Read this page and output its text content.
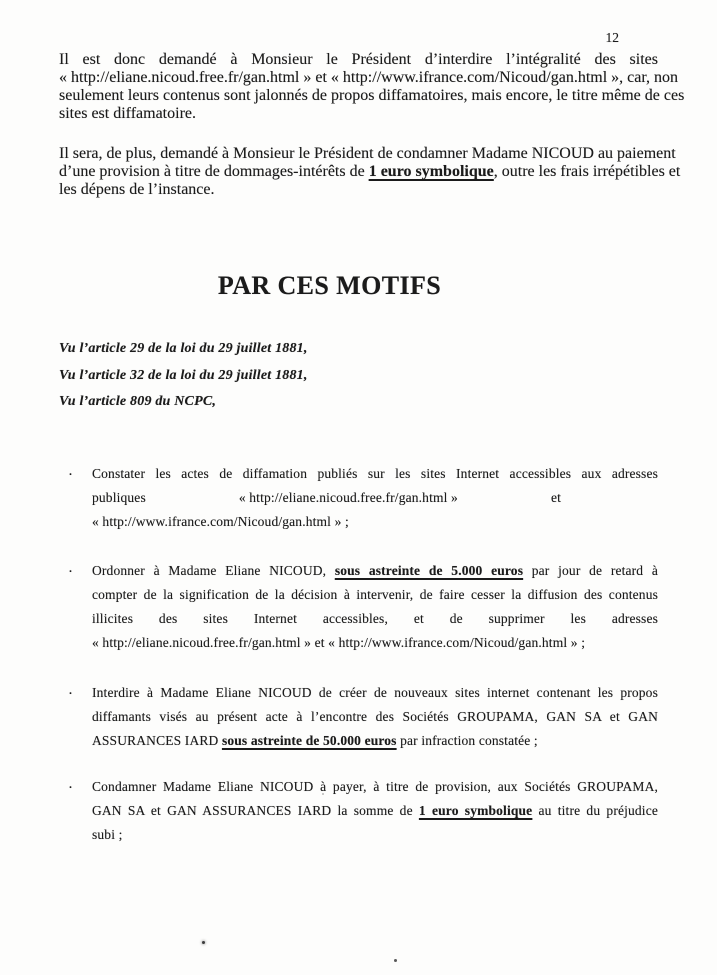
12

Il est donc demandé à Monsieur le Président d’interdire l’intégralité des sites
« http://eliane.nicoud.free.fr/gan.html » et « http://www.ifrance.com/Nicoud/gan.html », car, non
seulement leurs contenus sont jalonnés de propos diffamatoires, mais encore, le titre même de ces
sites est diffamatoire.

Il sera, de plus, demandé à Monsieur le Président de condamner Madame NICOUD au paiement
d’une provision à titre de dommages-intérêts de 1 euro symbolique, outre les frais irrépétibles et
les dépens de l’instance.

PAR CES MOTIFS
Vu l’article 29 de la loi du 29 juillet 1881,
Vu l’article 32 de la loi du 29 juillet 1881,
Vu l’article 809 du NCPC,
· Constater les actes de diffamation publiés sur les sites Internet accessibles aux adresses
publiques	« http://eliane.nicoud.free.fr/gan.html »	et
« http://www.ifrance.com/Nicoud/gan.html » ;
· Ordonner à Madame Eliane NICOUD, sous astreinte de 5.000 euros par jour de retard à
compter de la signification de la décision à intervenir, de faire cesser la diffusion des contenus
illicites des sites Internet accessibles, et de supprimer les adresses
« http://eliane.nicoud.free.fr/gan.html » et « http://www.ifrance.com/Nicoud/gan.html » ;
· Interdire à Madame Eliane NICOUD de créer de nouveaux sites internet contenant les propos
diffamants visés au présent acte à l’encontre des Sociétés GROUPAMA, GAN SA et GAN
ASSURANCES IARD sous astreinte de 50.000 euros par infraction constatée ;
· Condamner Madame Eliane NICOUD à payer, à titre de provision, aux Sociétés GROUPAMA,
GAN SA et GAN ASSURANCES IARD la somme de 1 euro symbolique au titre du préjudice
subi ;
